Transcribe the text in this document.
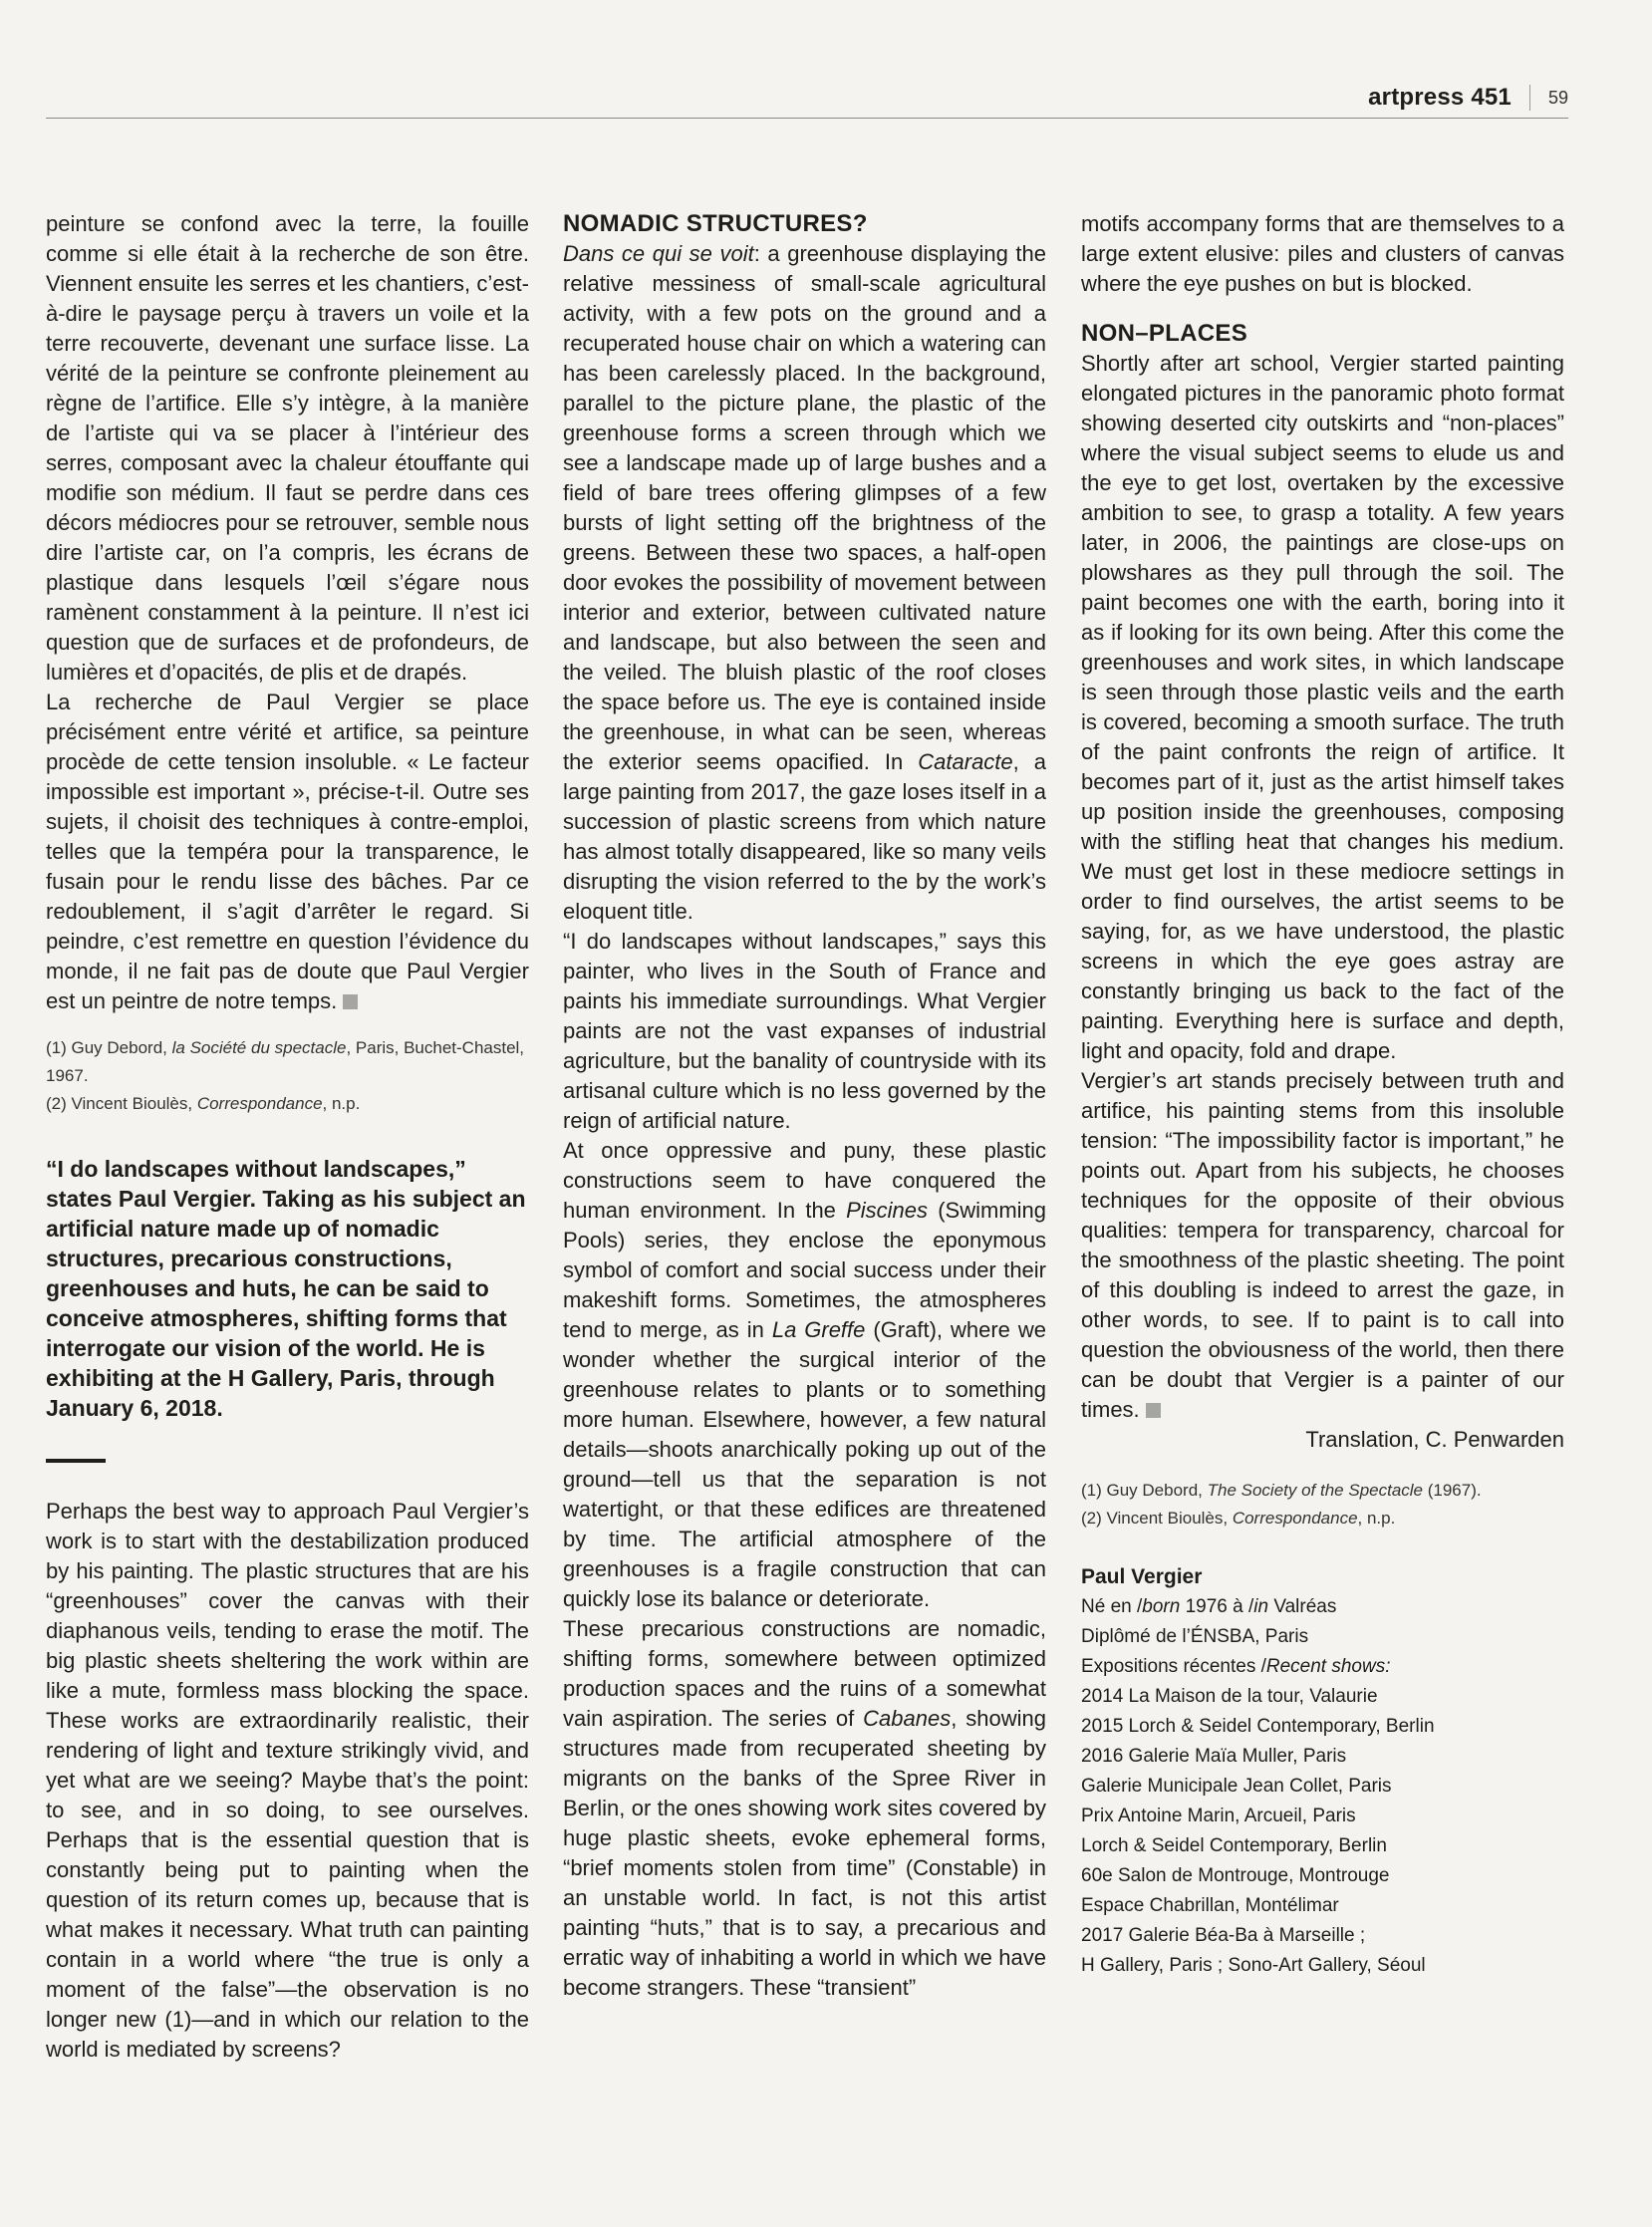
artpress 451 59

peinture se confond avec la terre, la fouille comme si elle était à la recherche de son être. Viennent ensuite les serres et les chantiers, c’est-à-dire le paysage perçu à travers un voile et la terre recouverte, devenant une surface lisse. La vérité de la peinture se confronte pleinement au règne de l’artifice. Elle s’y intègre, à la manière de l’artiste qui va se placer à l’intérieur des serres, composant avec la chaleur étouffante qui modifie son médium. Il faut se perdre dans ces décors médiocres pour se retrouver, semble nous dire l’artiste car, on l’a compris, les écrans de plastique dans lesquels l’œil s’égare nous ramènent constamment à la peinture. Il n’est ici question que de surfaces et de profondeurs, de lumières et d’opacités, de plis et de drapés.

La recherche de Paul Vergier se place précisément entre vérité et artifice, sa peinture procède de cette tension insoluble. « Le facteur impossible est important », précise-t-il. Outre ses sujets, il choisit des techniques à contre-emploi, telles que la tempéra pour la transparence, le fusain pour le rendu lisse des bâches. Par ce redoublement, il s’agit d’arrêter le regard. Si peindre, c’est remettre en question l’évidence du monde, il ne fait pas de doute que Paul Vergier est un peintre de notre temps.

(1) Guy Debord, la Société du spectacle, Paris, Buchet-Chastel, 1967.

(2) Vincent Bioulès, Correspondance, n.p.

“I do landscapes without landscapes,” states Paul Vergier. Taking as his subject an artificial nature made up of nomadic structures, precarious constructions, greenhouses and huts, he can be said to conceive atmospheres, shifting forms that interrogate our vision of the world. He is exhibiting at the H Gallery, Paris, through January 6, 2018.

Perhaps the best way to approach Paul Vergier’s work is to start with the destabilization produced by his painting. The plastic structures that are his “greenhouses” cover the canvas with their diaphanous veils, tending to erase the motif. The big plastic sheets sheltering the work within are like a mute, formless mass blocking the space. These works are extraordinarily realistic, their rendering of light and texture strikingly vivid, and yet what are we seeing? Maybe that’s the point: to see, and in so doing, to see ourselves. Perhaps that is the essential question that is constantly being put to painting when the question of its return comes up, because that is what makes it necessary. What truth can painting contain in a world where “the true is only a moment of the false”—the observation is no longer new (1)—and in which our relation to the world is mediated by screens?

NOMADIC STRUCTURES?

Dans ce qui se voit: a greenhouse displaying the relative messiness of small-scale agricultural activity, with a few pots on the ground and a recuperated house chair on which a watering can has been carelessly placed. In the background, parallel to the picture plane, the plastic of the greenhouse forms a screen through which we see a landscape made up of large bushes and a field of bare trees offering glimpses of a few bursts of light setting off the brightness of the greens. Between these two spaces, a half-open door evokes the possibility of movement between interior and exterior, between cultivated nature and landscape, but also between the seen and the veiled. The bluish plastic of the roof closes the space before us. The eye is contained inside the greenhouse, in what can be seen, whereas the exterior seems opacified. In Cataracte, a large painting from 2017, the gaze loses itself in a succession of plastic screens from which nature has almost totally disappeared, like so many veils disrupting the vision referred to the by the work’s eloquent title.

“I do landscapes without landscapes,” says this painter, who lives in the South of France and paints his immediate surroundings. What Vergier paints are not the vast expanses of industrial agriculture, but the banality of countryside with its artisanal culture which is no less governed by the reign of artificial nature.

At once oppressive and puny, these plastic constructions seem to have conquered the human environment. In the Piscines (Swimming Pools) series, they enclose the eponymous symbol of comfort and social success under their makeshift forms. Sometimes, the atmospheres tend to merge, as in La Greffe (Graft), where we wonder whether the surgical interior of the greenhouse relates to plants or to something more human. Elsewhere, however, a few natural details—shoots anarchically poking up out of the ground—tell us that the separation is not watertight, or that these edifices are threatened by time. The artificial atmosphere of the greenhouses is a fragile construction that can quickly lose its balance or deteriorate.

These precarious constructions are nomadic, shifting forms, somewhere between optimized production spaces and the ruins of a somewhat vain aspiration. The series of Cabanes, showing structures made from recuperated sheeting by migrants on the banks of the Spree River in Berlin, or the ones showing work sites covered by huge plastic sheets, evoke ephemeral forms, “brief moments stolen from time” (Constable) in an unstable world. In fact, is not this artist painting “huts,” that is to say, a precarious and erratic way of inhabiting a world in which we have become strangers. These “transient”

motifs accompany forms that are themselves to a large extent elusive: piles and clusters of canvas where the eye pushes on but is blocked.

NON–PLACES

Shortly after art school, Vergier started painting elongated pictures in the panoramic photo format showing deserted city outskirts and “non-places” where the visual subject seems to elude us and the eye to get lost, overtaken by the excessive ambition to see, to grasp a totality. A few years later, in 2006, the paintings are close-ups on plowshares as they pull through the soil. The paint becomes one with the earth, boring into it as if looking for its own being. After this come the greenhouses and work sites, in which landscape is seen through those plastic veils and the earth is covered, becoming a smooth surface. The truth of the paint confronts the reign of artifice. It becomes part of it, just as the artist himself takes up position inside the greenhouses, composing with the stifling heat that changes his medium. We must get lost in these mediocre settings in order to find ourselves, the artist seems to be saying, for, as we have understood, the plastic screens in which the eye goes astray are constantly bringing us back to the fact of the painting. Everything here is surface and depth, light and opacity, fold and drape.

Vergier’s art stands precisely between truth and artifice, his painting stems from this insoluble tension: “The impossibility factor is important,” he points out. Apart from his subjects, he chooses techniques for the opposite of their obvious qualities: tempera for transparency, charcoal for the smoothness of the plastic sheeting. The point of this doubling is indeed to arrest the gaze, in other words, to see. If to paint is to call into question the obviousness of the world, then there can be doubt that Vergier is a painter of our times.

Translation, C. Penwarden

(1) Guy Debord, The Society of the Spectacle (1967).

(2) Vincent Bioulès, Correspondance, n.p.

Paul Vergier
Né en /born 1976 à /in Valréas
Diplômé de l’ÉNSBA, Paris
Expositions récentes /Recent shows:
2014 La Maison de la tour, Valaurie
2015 Lorch & Seidel Contemporary, Berlin
2016 Galerie Maïa Muller, Paris
Galerie Municipale Jean Collet, Paris
Prix Antoine Marin, Arcueil, Paris
Lorch & Seidel Contemporary, Berlin
60e Salon de Montrouge, Montrouge
Espace Chabrillan, Montélimar
2017 Galerie Béa-Ba à Marseille ;
H Gallery, Paris ; Sono-Art Gallery, Séoul
